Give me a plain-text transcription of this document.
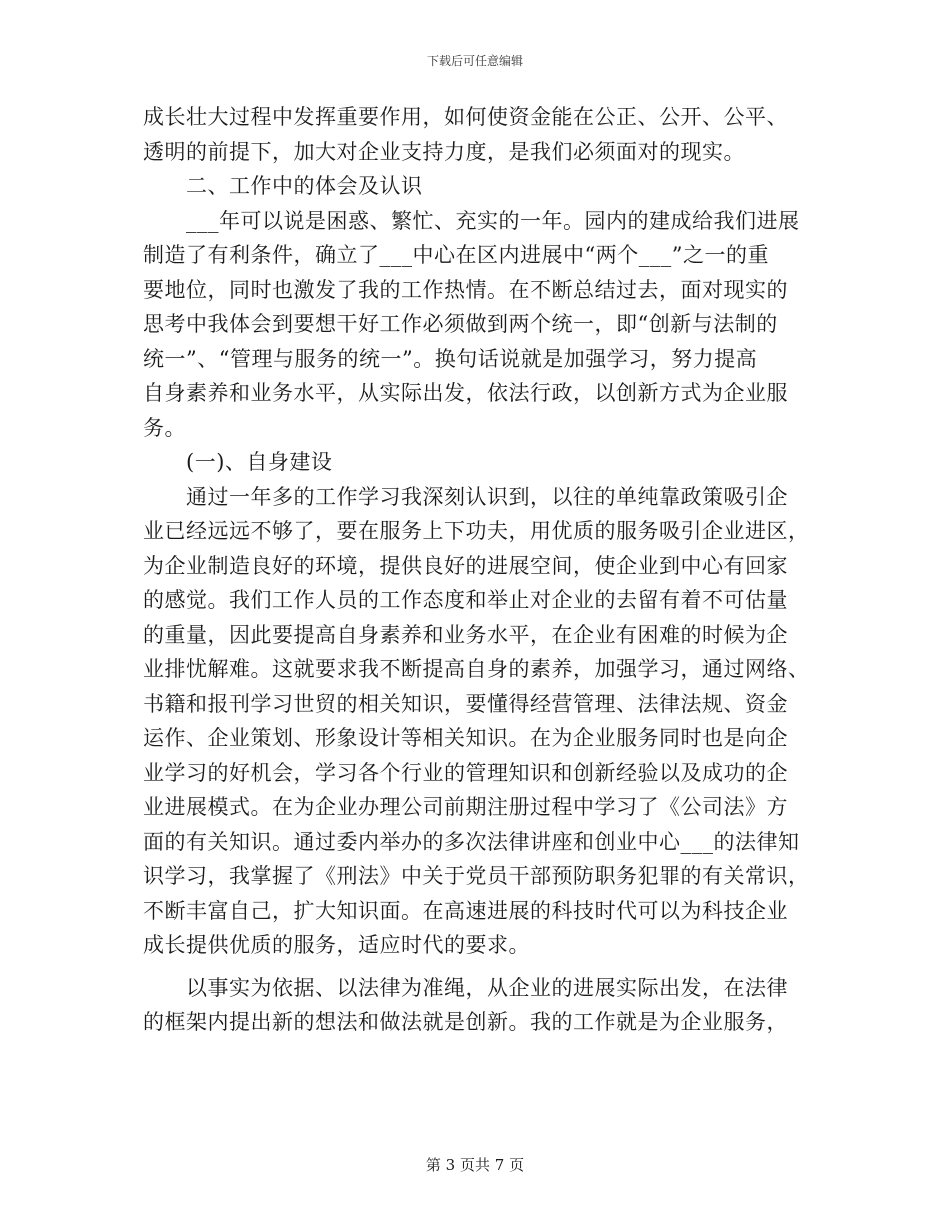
下载后可任意编辑
成长壮大过程中发挥重要作用，如何使资金能在公正、公开、公平、
透明的前提下，加大对企业支持力度，是我们必须面对的现实。
二、工作中的体会及认识
___年可以说是困惑、繁忙、充实的一年。园内的建成给我们进展
制造了有利条件，确立了___中心在区内进展中“两个___”之一的重
要地位，同时也激发了我的工作热情。在不断总结过去，面对现实的
思考中我体会到要想干好工作必须做到两个统一，即“创新与法制的
统一”、“管理与服务的统一”。换句话说就是加强学习，努力提高
自身素养和业务水平，从实际出发，依法行政，以创新方式为企业服
务。
(一)、自身建设
通过一年多的工作学习我深刻认识到，以往的单纯靠政策吸引企
业已经远远不够了，要在服务上下功夫，用优质的服务吸引企业进区，
为企业制造良好的环境，提供良好的进展空间，使企业到中心有回家
的感觉。我们工作人员的工作态度和举止对企业的去留有着不可估量
的重量，因此要提高自身素养和业务水平，在企业有困难的时候为企
业排忧解难。这就要求我不断提高自身的素养，加强学习，通过网络、
书籍和报刊学习世贸的相关知识，要懂得经营管理、法律法规、资金
运作、企业策划、形象设计等相关知识。在为企业服务同时也是向企
业学习的好机会，学习各个行业的管理知识和创新经验以及成功的企
业进展模式。在为企业办理公司前期注册过程中学习了《公司法》方
面的有关知识。通过委内举办的多次法律讲座和创业中心___的法律知
识学习，我掌握了《刑法》中关于党员干部预防职务犯罪的有关常识，
不断丰富自己，扩大知识面。在高速进展的科技时代可以为科技企业
成长提供优质的服务，适应时代的要求。
以事实为依据、以法律为准绳，从企业的进展实际出发，在法律
的框架内提出新的想法和做法就是创新。我的工作就是为企业服务，
第 3 页共 7 页
